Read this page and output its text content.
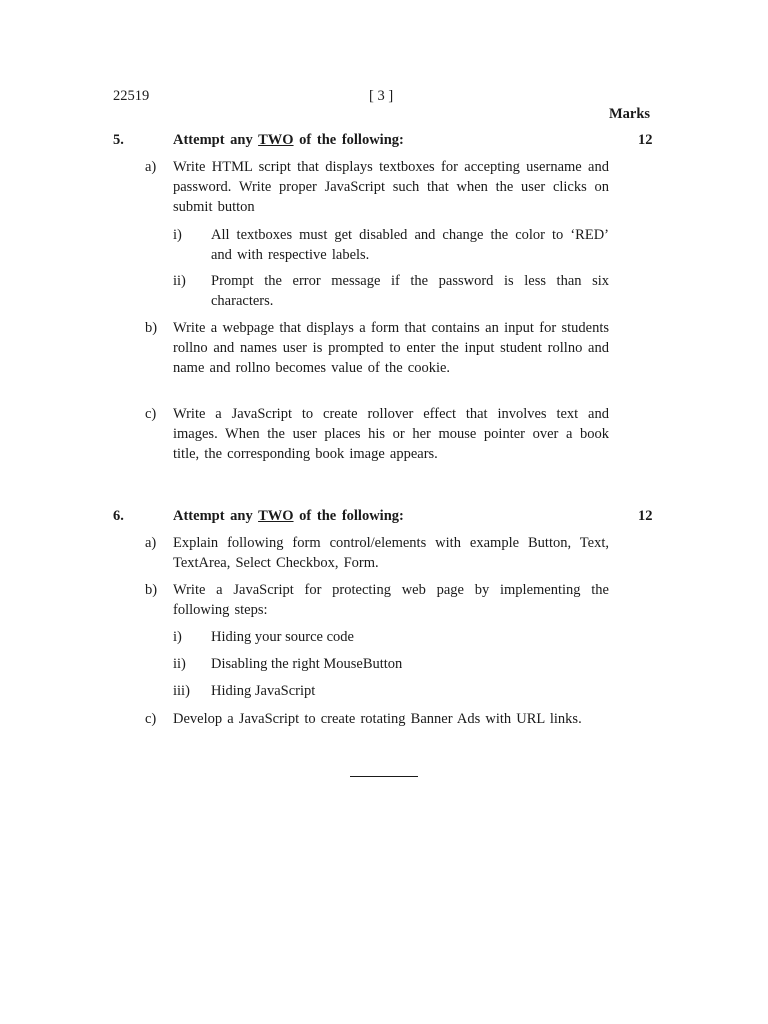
22519	[ 3 ]
Marks
5.	Attempt any TWO of the following:	12
a) Write HTML script that displays textboxes for accepting username and password. Write proper JavaScript such that when the user clicks on submit button
i) All textboxes must get disabled and change the color to ‘RED’ and with respective labels.
ii) Prompt the error message if the password is less than six characters.
b) Write a webpage that displays a form that contains an input for students rollno and names user is prompted to enter the input student rollno and name and rollno becomes value of the cookie.
c) Write a JavaScript to create rollover effect that involves text and images. When the user places his or her mouse pointer over a book title, the corresponding book image appears.
6.	Attempt any TWO of the following:	12
a) Explain following form control/elements with example Button, Text, TextArea, Select Checkbox, Form.
b) Write a JavaScript for protecting web page by implementing the following steps:
i) Hiding your source code
ii) Disabling the right MouseButton
iii) Hiding JavaScript
c) Develop a JavaScript to create rotating Banner Ads with URL links.
